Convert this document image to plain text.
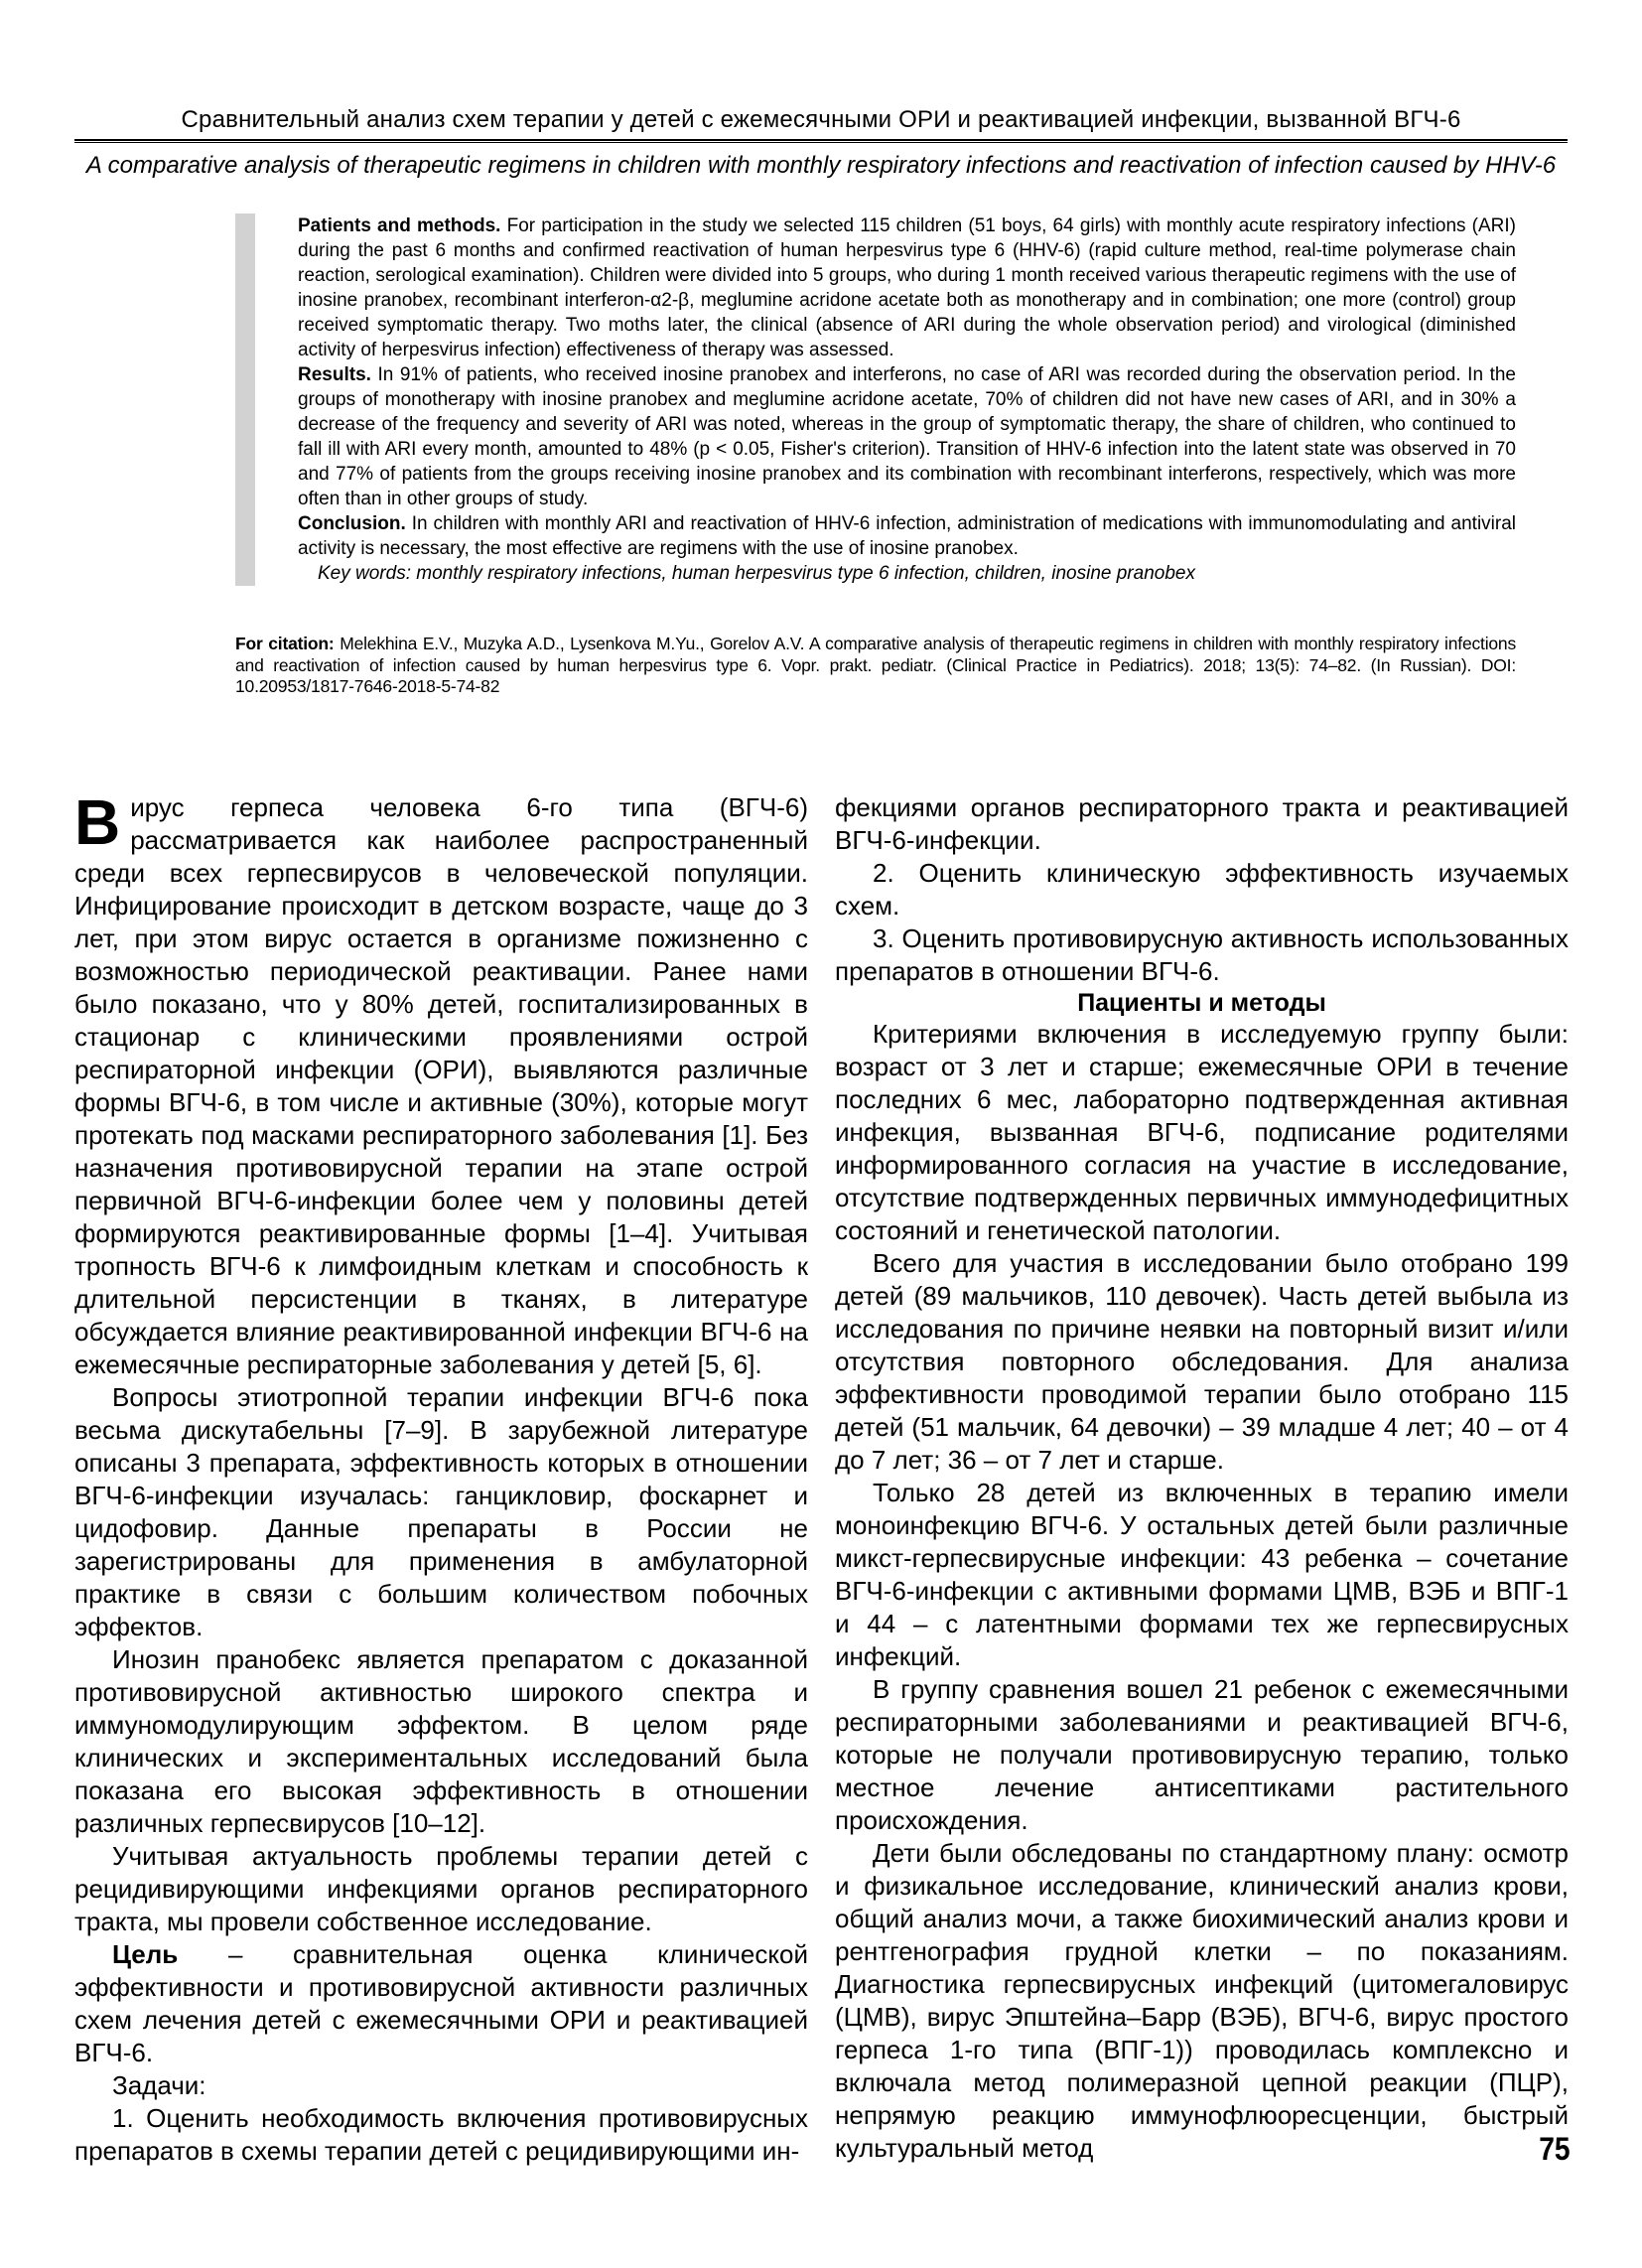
Сравнительный анализ схем терапии у детей с ежемесячными ОРИ и реактивацией инфекции, вызванной ВГЧ-6
A comparative analysis of therapeutic regimens in children with monthly respiratory infections and reactivation of infection caused by HHV-6

Patients and methods. For participation in the study we selected 115 children (51 boys, 64 girls) with monthly acute respiratory infections (ARI) during the past 6 months and confirmed reactivation of human herpesvirus type 6 (HHV-6) (rapid culture method, real-time polymerase chain reaction, serological examination). Children were divided into 5 groups, who during 1 month received various therapeutic regimens with the use of inosine pranobex, recombinant interferon-α2-β, meglumine acridone acetate both as monotherapy and in combination; one more (control) group received symptomatic therapy. Two moths later, the clinical (absence of ARI during the whole observation period) and virological (diminished activity of herpesvirus infection) effectiveness of therapy was assessed.

Results. In 91% of patients, who received inosine pranobex and interferons, no case of ARI was recorded during the observation period. In the groups of monotherapy with inosine pranobex and meglumine acridone acetate, 70% of children did not have new cases of ARI, and in 30% a decrease of the frequency and severity of ARI was noted, whereas in the group of symptomatic therapy, the share of children, who continued to fall ill with ARI every month, amounted to 48% (p < 0.05, Fisher's criterion). Transition of HHV-6 infection into the latent state was observed in 70 and 77% of patients from the groups receiving inosine pranobex and its combination with recombinant interferons, respectively, which was more often than in other groups of study.

Conclusion. In children with monthly ARI and reactivation of HHV-6 infection, administration of medications with immunomodulating and antiviral activity is necessary, the most effective are regimens with the use of inosine pranobex.

Key words: monthly respiratory infections, human herpesvirus type 6 infection, children, inosine pranobex

For citation: Melekhina E.V., Muzyka A.D., Lysenkova M.Yu., Gorelov A.V. A comparative analysis of therapeutic regimens in children with monthly respiratory infections and reactivation of infection caused by human herpesvirus type 6. Vopr. prakt. pediatr. (Clinical Practice in Pediatrics). 2018; 13(5): 74–82. (In Russian). DOI: 10.20953/1817-7646-2018-5-74-82

Вирус герпеса человека 6-го типа (ВГЧ-6) рассматривается как наиболее распространенный среди всех герпесвирусов в человеческой популяции. Инфицирование происходит в детском возрасте, чаще до 3 лет, при этом вирус остается в организме пожизненно с возможностью периодической реактивации. Ранее нами было показано, что у 80% детей, госпитализированных в стационар с клиническими проявлениями острой респираторной инфекции (ОРИ), выявляются различные формы ВГЧ-6, в том числе и активные (30%), которые могут протекать под масками респираторного заболевания [1]. Без назначения противовирусной терапии на этапе острой первичной ВГЧ-6-инфекции более чем у половины детей формируются реактивированные формы [1–4]. Учитывая тропность ВГЧ-6 к лимфоидным клеткам и способность к длительной персистенции в тканях, в литературе обсуждается влияние реактивированной инфекции ВГЧ-6 на ежемесячные респираторные заболевания у детей [5, 6].

Вопросы этиотропной терапии инфекции ВГЧ-6 пока весьма дискутабельны [7–9]. В зарубежной литературе описаны 3 препарата, эффективность которых в отношении ВГЧ-6-инфекции изучалась: ганцикловир, фоскарнет и цидофовир. Данные препараты в России не зарегистрированы для применения в амбулаторной практике в связи с большим количеством побочных эффектов.

Инозин пранобекс является препаратом с доказанной противовирусной активностью широкого спектра и иммуномодулирующим эффектом. В целом ряде клинических и экспериментальных исследований была показана его высокая эффективность в отношении различных герпесвирусов [10–12].

Учитывая актуальность проблемы терапии детей с рецидивирующими инфекциями органов респираторного тракта, мы провели собственное исследование.

Цель – сравнительная оценка клинической эффективности и противовирусной активности различных схем лечения детей с ежемесячными ОРИ и реактивацией ВГЧ-6.

Задачи:

1. Оценить необходимость включения противовирусных препаратов в схемы терапии детей с рецидивирующими ин-

фекциями органов респираторного тракта и реактивацией ВГЧ-6-инфекции.

2. Оценить клиническую эффективность изучаемых схем.

3. Оценить противовирусную активность использованных препаратов в отношении ВГЧ-6.

Пациенты и методы

Критериями включения в исследуемую группу были: возраст от 3 лет и старше; ежемесячные ОРИ в течение последних 6 мес, лабораторно подтвержденная активная инфекция, вызванная ВГЧ-6, подписание родителями информированного согласия на участие в исследование, отсутствие подтвержденных первичных иммунодефицитных состояний и генетической патологии.

Всего для участия в исследовании было отобрано 199 детей (89 мальчиков, 110 девочек). Часть детей выбыла из исследования по причине неявки на повторный визит и/или отсутствия повторного обследования. Для анализа эффективности проводимой терапии было отобрано 115 детей (51 мальчик, 64 девочки) – 39 младше 4 лет; 40 – от 4 до 7 лет; 36 – от 7 лет и старше.

Только 28 детей из включенных в терапию имели моноинфекцию ВГЧ-6. У остальных детей были различные микст-герпесвирусные инфекции: 43 ребенка – сочетание ВГЧ-6-инфекции с активными формами ЦМВ, ВЭБ и ВПГ-1 и 44 – с латентными формами тех же герпесвирусных инфекций.

В группу сравнения вошел 21 ребенок с ежемесячными респираторными заболеваниями и реактивацией ВГЧ-6, которые не получали противовирусную терапию, только местное лечение антисептиками растительного происхождения.

Дети были обследованы по стандартному плану: осмотр и физикальное исследование, клинический анализ крови, общий анализ мочи, а также биохимический анализ крови и рентгенография грудной клетки – по показаниям. Диагностика герпесвирусных инфекций (цитомегаловирус (ЦМВ), вирус Эпштейна–Барр (ВЭБ), ВГЧ-6, вирус простого герпеса 1-го типа (ВПГ-1)) проводилась комплексно и включала метод полимеразной цепной реакции (ПЦР), непрямую реакцию иммунофлюоресценции, быстрый культуральный метод	75
